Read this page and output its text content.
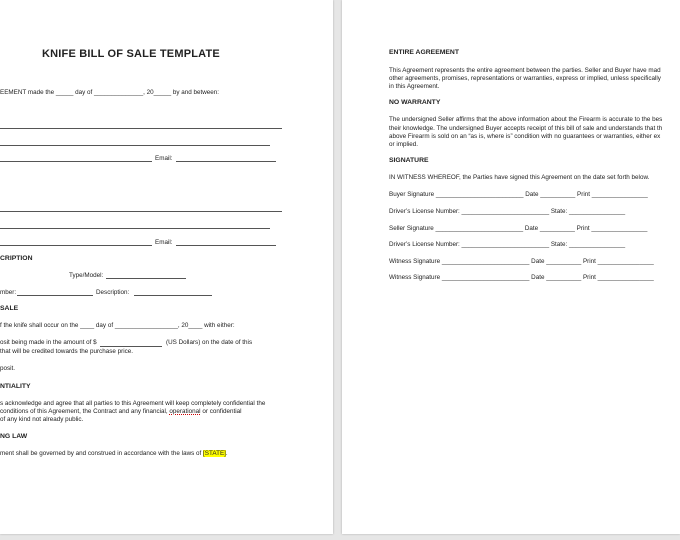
KNIFE BILL OF SALE TEMPLATE
EEMENT made the _____ day of ______________, 20_____ by and between:
Email:
Email:
CRIPTION
Type/Model:
mber:	Description:
SALE
f the knife shall occur on the ____ day of __________________, 20____ with either:
osit being made in the amount of $	(US Dollars) on the date of this
that will be credited towards the purchase price.
posit.
NTIALITY
s acknowledge and agree that all parties to this Agreement will keep completely confidential the
conditions of this Agreement, the Contract and any financial, operational or confidential
of any kind not already public.
NG LAW
ment shall be governed by and construed in accordance with the laws of [STATE].
ENTIRE AGREEMENT
This Agreement represents the entire agreement between the parties. Seller and Buyer have mad
other agreements, promises, representations or warranties, express or implied, unless specifically
in this Agreement.
NO WARRANTY
The undersigned Seller affirms that the above information about the Firearm is accurate to the bes
their knowledge. The undersigned Buyer accepts receipt of this bill of sale and understands that th
above Firearm is sold on an “as is, where is” condition with no guarantees or warranties, either ex
or implied.
SIGNATURE
IN WITNESS WHEREOF, the Parties have signed this Agreement on the date set forth below.
Buyer Signature _________________________ Date __________ Print ________________
Driver’s License Number: _________________________ State: ________________
Seller Signature _________________________ Date __________ Print ________________
Driver’s License Number: _________________________ State: ________________
Witness Signature _________________________ Date __________ Print ________________
Witness Signature _________________________ Date __________ Print ________________
